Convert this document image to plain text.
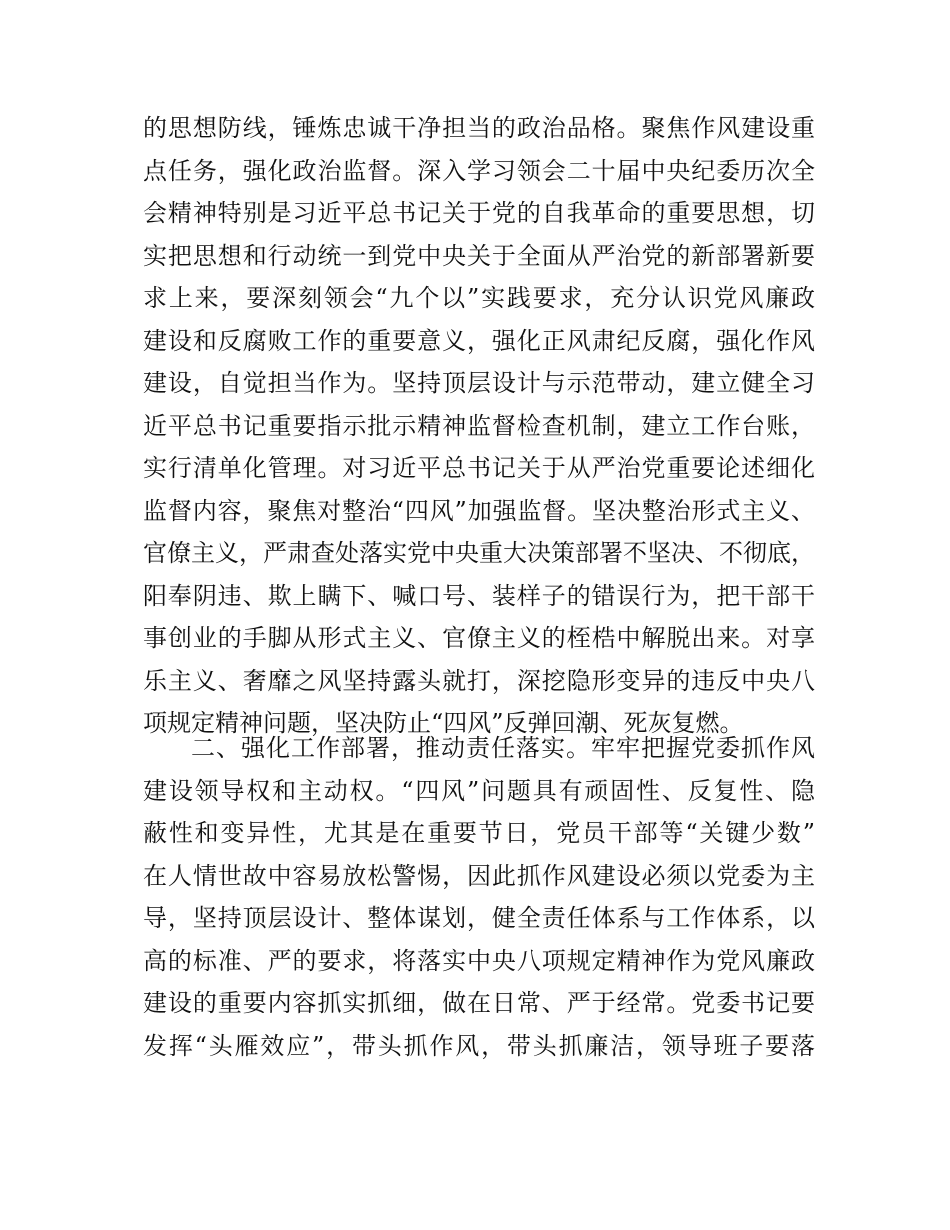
的思想防线，锤炼忠诚干净担当的政治品格。聚焦作风建设重
点任务，强化政治监督。深入学习领会二十届中央纪委历次全
会精神特别是习近平总书记关于党的自我革命的重要思想，切
实把思想和行动统一到党中央关于全面从严治党的新部署新要
求上来，要深刻领会“九个以”实践要求，充分认识党风廉政
建设和反腐败工作的重要意义，强化正风肃纪反腐，强化作风
建设，自觉担当作为。坚持顶层设计与示范带动，建立健全习
近平总书记重要指示批示精神监督检查机制，建立工作台账，
实行清单化管理。对习近平总书记关于从严治党重要论述细化
监督内容，聚焦对整治“四风”加强监督。坚决整治形式主义、
官僚主义，严肃查处落实党中央重大决策部署不坚决、不彻底，
阳奉阴违、欺上瞒下、喊口号、装样子的错误行为，把干部干
事创业的手脚从形式主义、官僚主义的桎梏中解脱出来。对享
乐主义、奢靡之风坚持露头就打，深挖隐形变异的违反中央八
项规定精神问题，坚决防止“四风”反弹回潮、死灰复燃。
二、强化工作部署，推动责任落实。牢牢把握党委抓作风
建设领导权和主动权。“四风”问题具有顽固性、反复性、隐
蔽性和变异性，尤其是在重要节日，党员干部等“关键少数”
在人情世故中容易放松警惕，因此抓作风建设必须以党委为主
导，坚持顶层设计、整体谋划，健全责任体系与工作体系，以
高的标准、严的要求，将落实中央八项规定精神作为党风廉政
建设的重要内容抓实抓细，做在日常、严于经常。党委书记要
发挥“头雁效应”，带头抓作风，带头抓廉洁，领导班子要落
